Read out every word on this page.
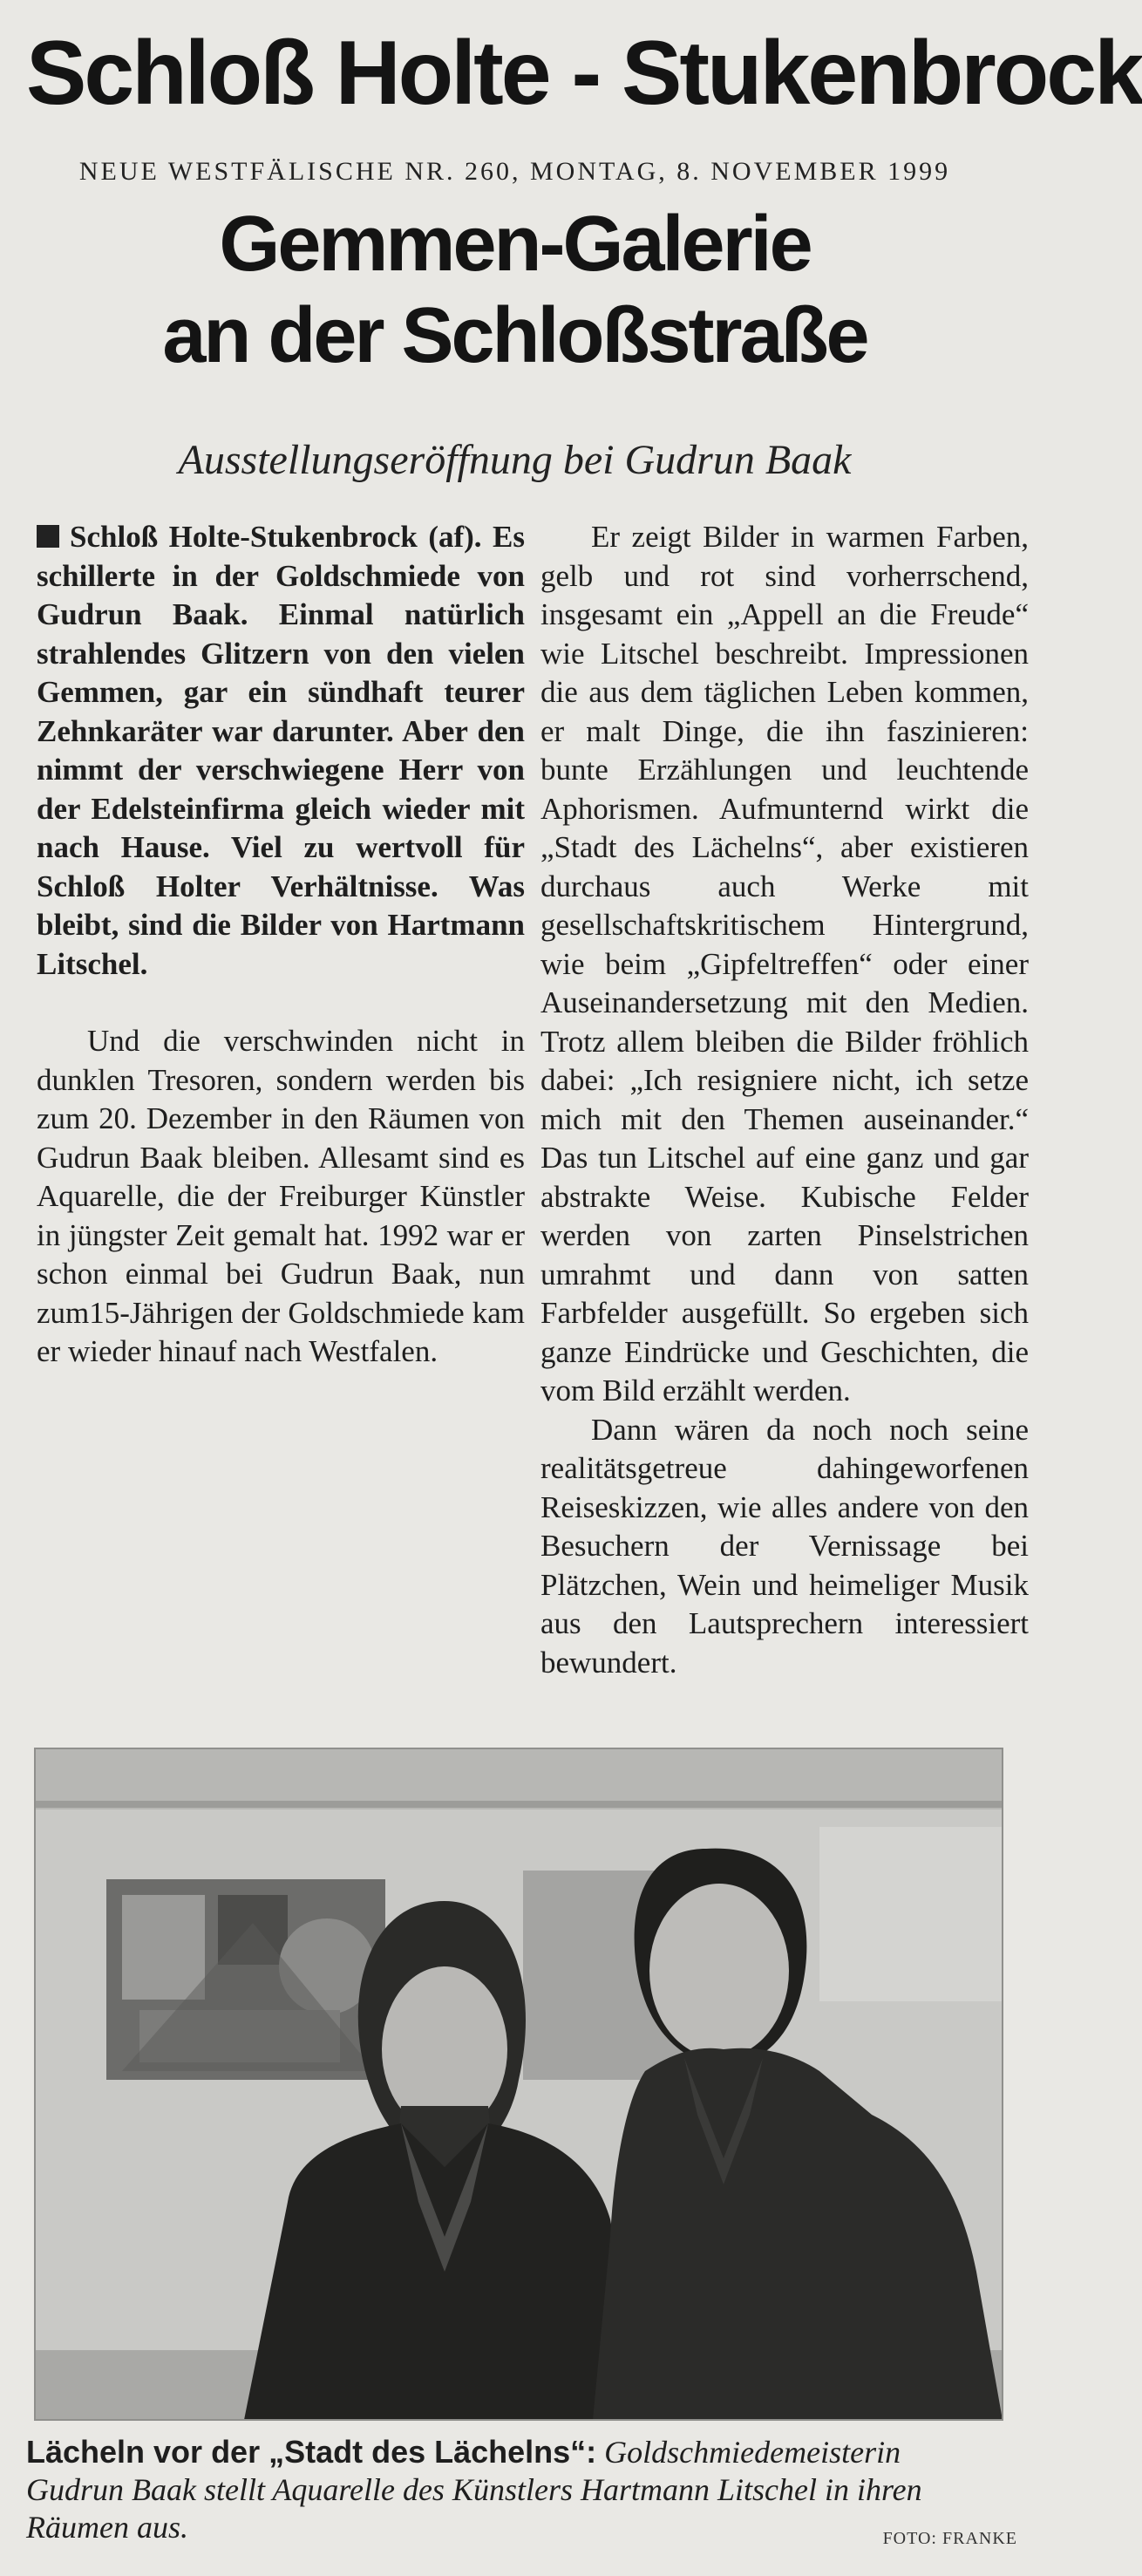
Schloß Holte - Stukenbrock
NEUE WESTFÄLISCHE NR. 260, MONTAG, 8. NOVEMBER 1999
Gemmen-Galerie
an der Schloßstraße
Ausstellungseröffnung bei Gudrun Baak

Schloß Holte-Stukenbrock (af). Es schillerte in der Goldschmiede von Gudrun Baak. Einmal natürlich strahlendes Glitzern von den vielen Gemmen, gar ein sündhaft teurer Zehnkaräter war darunter. Aber den nimmt der verschwiegene Herr von der Edelsteinfirma gleich wieder mit nach Hause. Viel zu wertvoll für Schloß Holter Verhältnisse. Was bleibt, sind die Bilder von Hartmann Litschel.

Und die verschwinden nicht in dunklen Tresoren, sondern werden bis zum 20. Dezember in den Räumen von Gudrun Baak bleiben. Allesamt sind es Aquarelle, die der Freiburger Künstler in jüngster Zeit gemalt hat. 1992 war er schon einmal bei Gudrun Baak, nun zum15-Jährigen der Goldschmiede kam er wieder hinauf nach Westfalen.

Er zeigt Bilder in warmen Farben, gelb und rot sind vorherrschend, insgesamt ein „Appell an die Freude“ wie Litschel beschreibt. Impressionen die aus dem täglichen Leben kommen, er malt Dinge, die ihn faszinieren: bunte Erzählungen und leuchtende Aphorismen. Aufmunternd wirkt die „Stadt des Lächelns“, aber existieren durchaus auch Werke mit gesellschaftskritischem Hintergrund, wie beim „Gipfeltreffen“ oder einer Auseinandersetzung mit den Medien. Trotz allem bleiben die Bilder fröhlich dabei: „Ich resigniere nicht, ich setze mich mit den Themen auseinander.“ Das tun Litschel auf eine ganz und gar abstrakte Weise. Kubische Felder werden von zarten Pinselstrichen umrahmt und dann von satten Farbfelder ausgefüllt. So ergeben sich ganze Eindrücke und Geschichten, die vom Bild erzählt werden.

Dann wären da noch noch seine realitätsgetreue dahingeworfenen Reiseskizzen, wie alles andere von den Besuchern der Vernissage bei Plätzchen, Wein und heimeliger Musik aus den Lautsprechern interessiert bewundert.

Lächeln vor der „Stadt des Lächelns“: Goldschmiedemeisterin Gudrun Baak stellt Aquarelle des Künstlers Hartmann Litschel in ihren Räumen aus.	FOTO: FRANKE
